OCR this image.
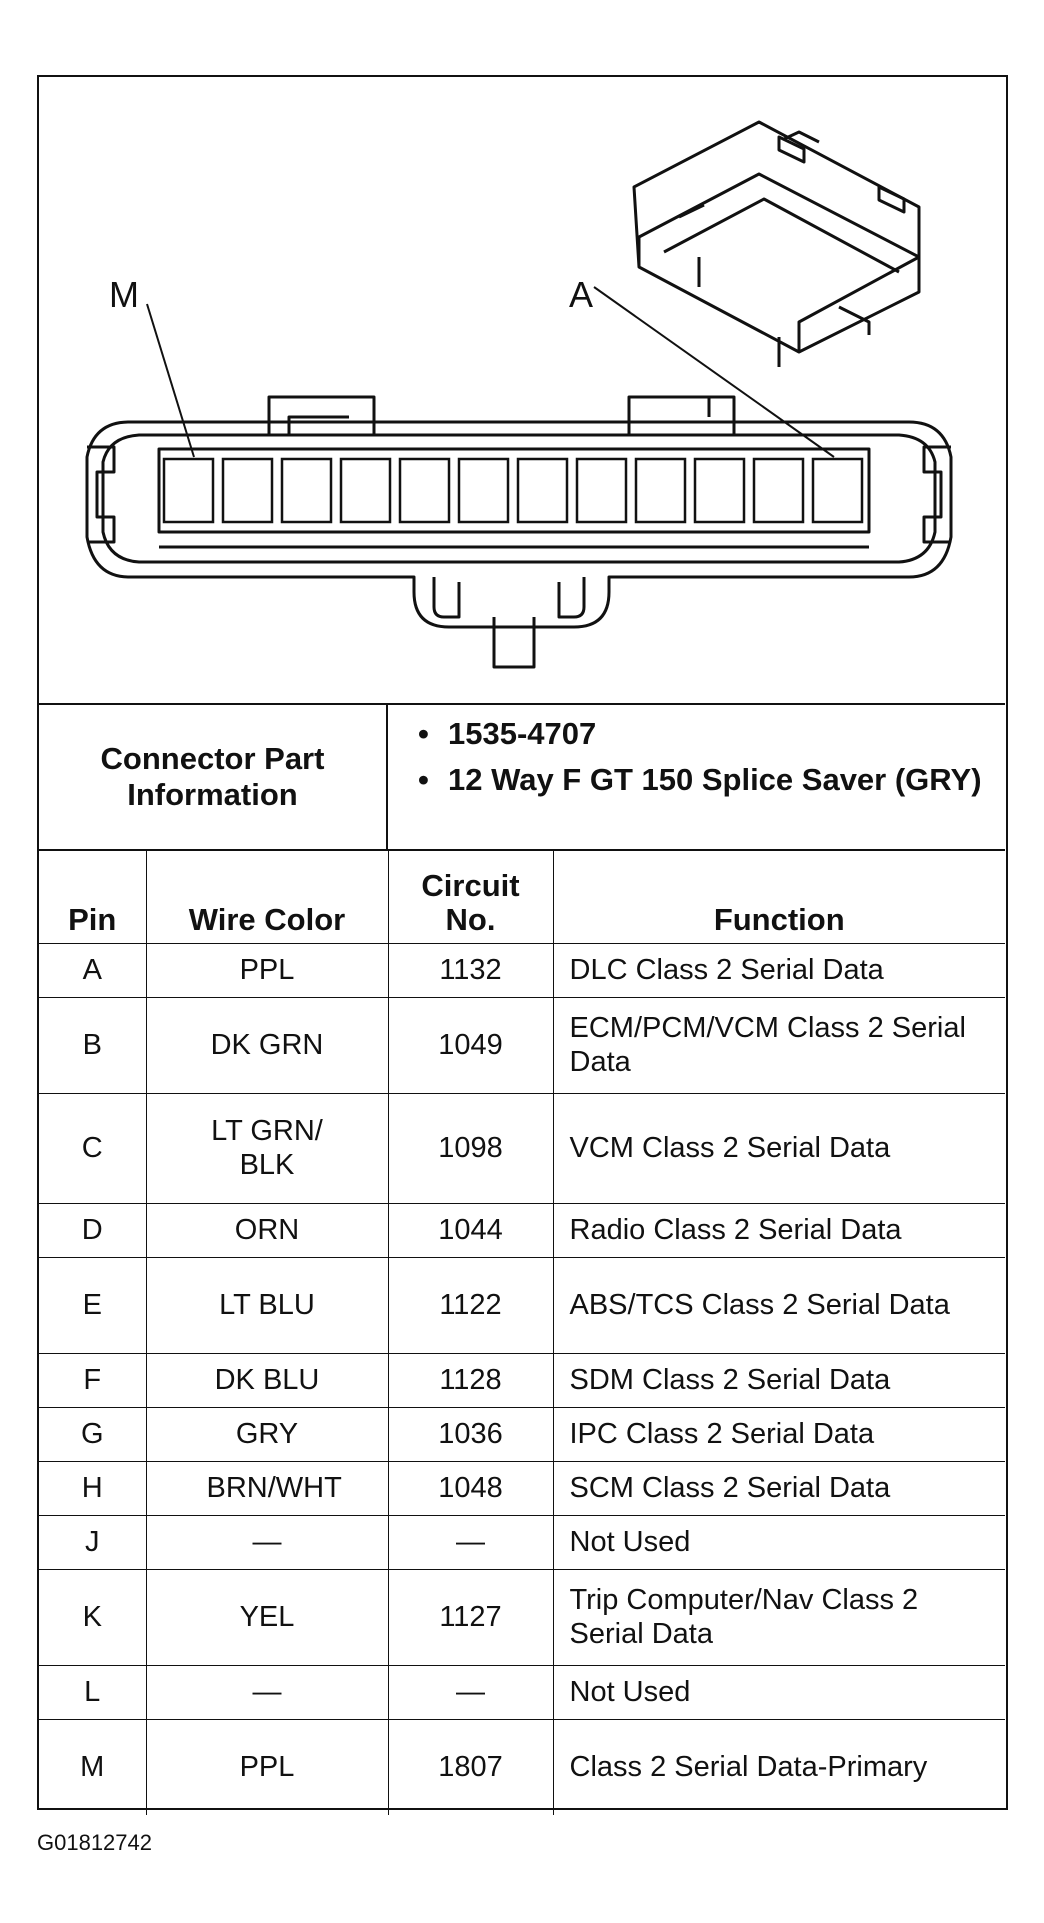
M	A
Connector Part Information
• 1535-4707
• 12 Way F GT 150 Splice Saver (GRY)
Pin	Wire Color	Circuit No.	Function
A	PPL	1132	DLC Class 2 Serial Data
B	DK GRN	1049	ECM/PCM/VCM Class 2 Serial Data
C	LT GRN/ BLK	1098	VCM Class 2 Serial Data
D	ORN	1044	Radio Class 2 Serial Data
E	LT BLU	1122	ABS/TCS Class 2 Serial Data
F	DK BLU	1128	SDM Class 2 Serial Data
G	GRY	1036	IPC Class 2 Serial Data
H	BRN/WHT	1048	SCM Class 2 Serial Data
J	—	—	Not Used
K	YEL	1127	Trip Computer/Nav Class 2 Serial Data
L	—	—	Not Used
M	PPL	1807	Class 2 Serial Data-Primary
G01812742
